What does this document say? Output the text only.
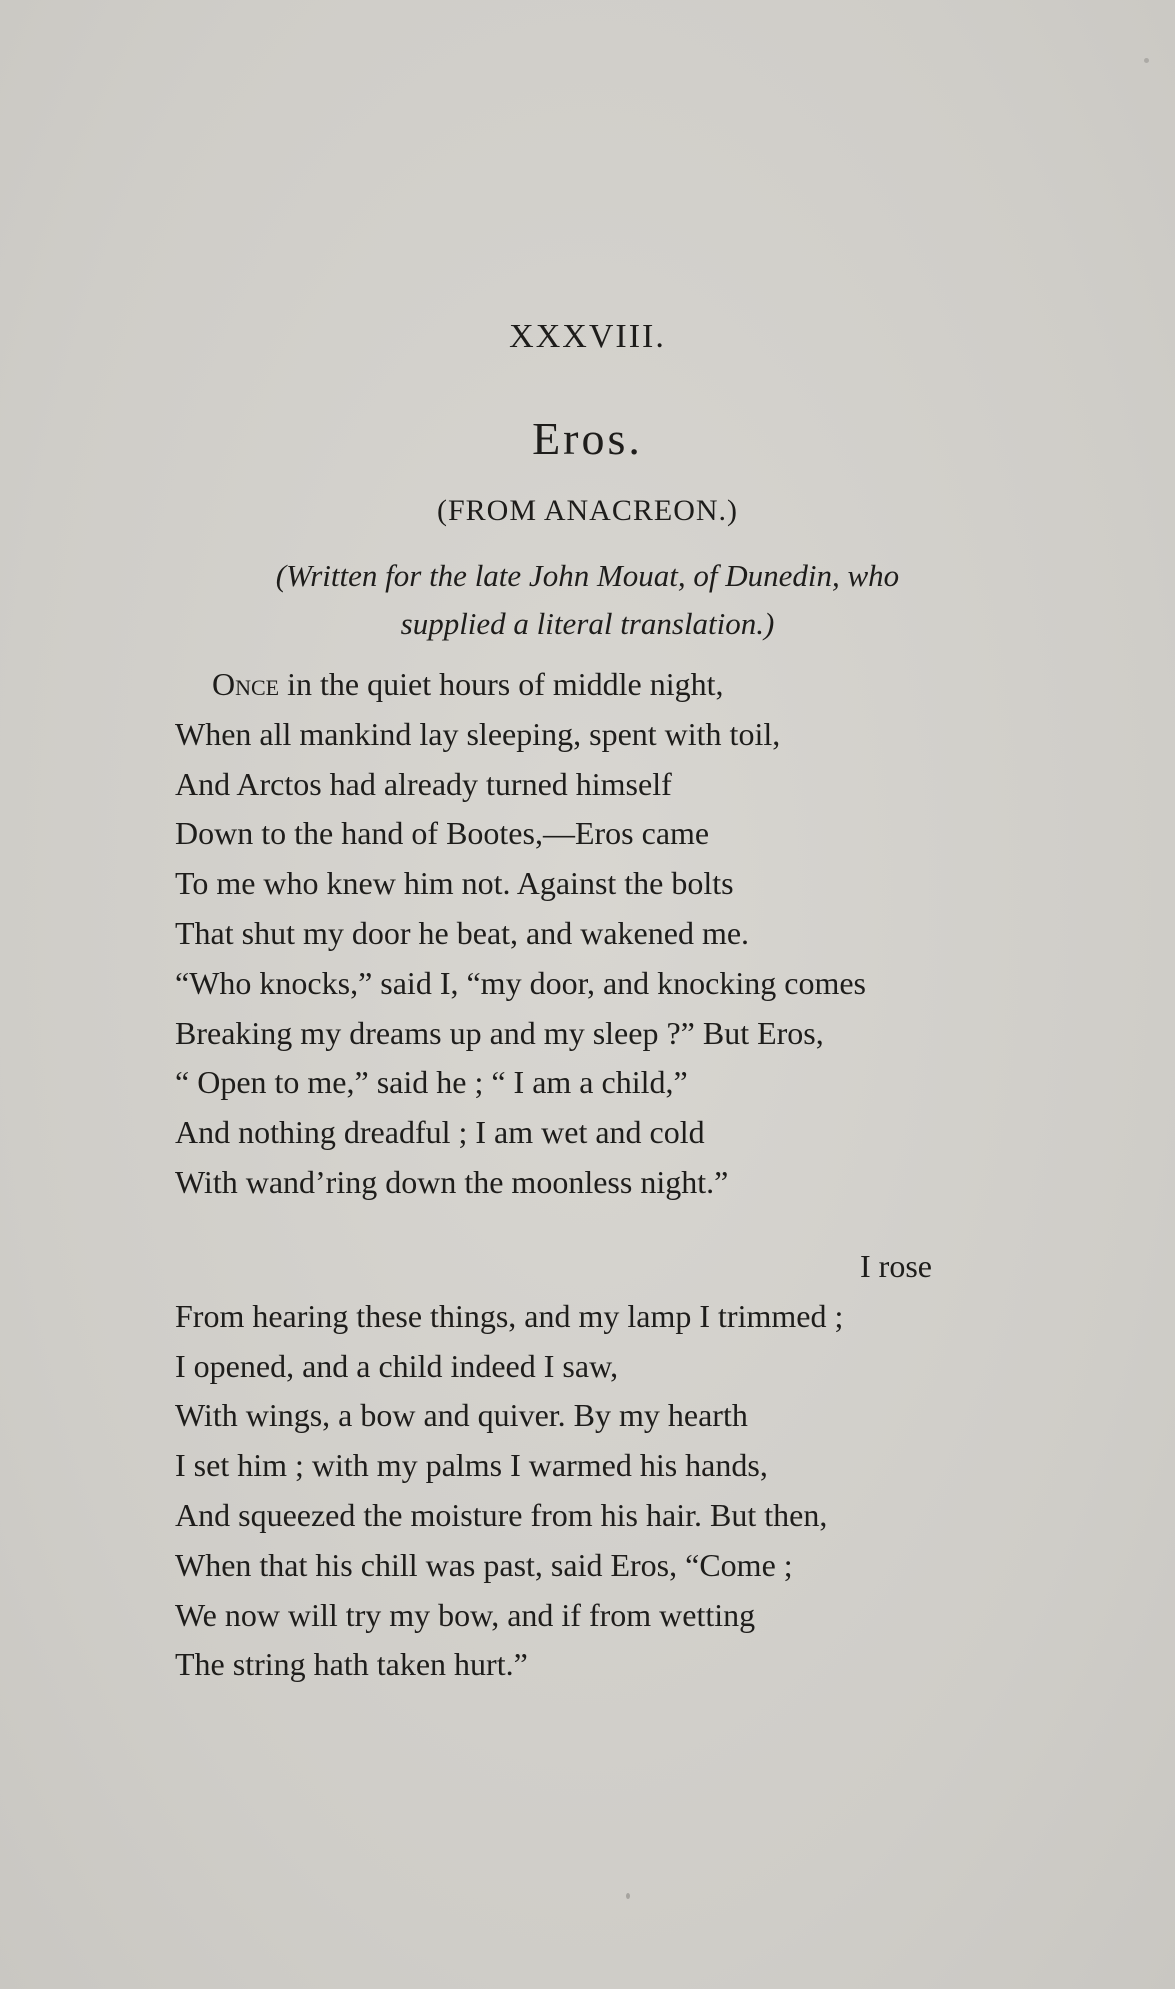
XXXVIII.
Eros.
(FROM ANACREON.)
(Written for the late John Mouat, of Dunedin, who
supplied a literal translation.)
Once in the quiet hours of middle night,
When all mankind lay sleeping, spent with toil,
And Arctos had already turned himself
Down to the hand of Bootes,—Eros came
To me who knew him not. Against the bolts
That shut my door he beat, and wakened me.
“Who knocks,” said I, “my door, and knocking comes
Breaking my dreams up and my sleep ?” But Eros,
“ Open to me,” said he ; “ I am a child,”
And nothing dreadful ; I am wet and cold
With wand’ring down the moonless night.”
I rose
From hearing these things, and my lamp I trimmed ;
I opened, and a child indeed I saw,
With wings, a bow and quiver. By my hearth
I set him ; with my palms I warmed his hands,
And squeezed the moisture from his hair. But then,
When that his chill was past, said Eros, “Come ;
We now will try my bow, and if from wetting
The string hath taken hurt.”
